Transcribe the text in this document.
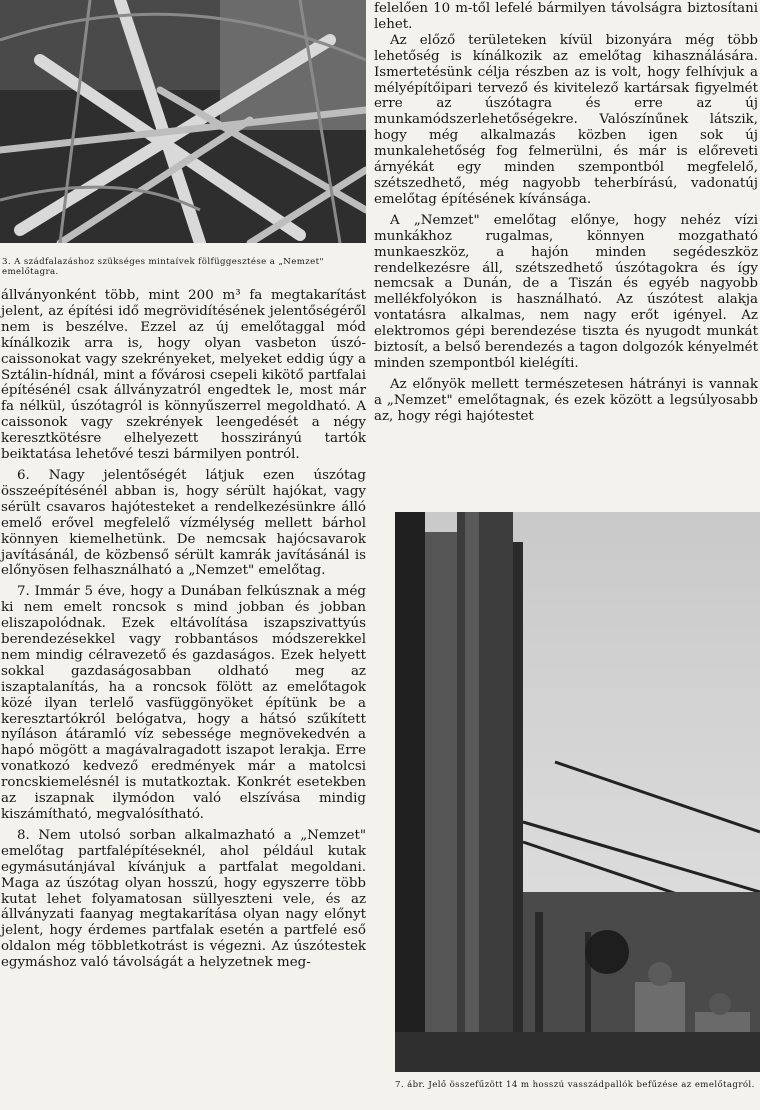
3. A szádfalazáshoz szükséges mintaívek fölfüggesztése a „Nemzet" emelőtagra.

állványonként több, mint 200 m³ fa megtakarítást jelent, az építési idő megrövidítésének jelentőségéről nem is beszélve. Ezzel az új emelőtaggal mód kínálkozik arra is, hogy olyan vasbeton úszó-caissonokat vagy szekrényeket, melyeket eddig úgy a Sztálin-hídnál, mint a fővárosi csepeli kikötő partfalai építésénél csak állványzatról engedtek le, most már fa nélkül, úszótagról is könnyűszerrel megoldható. A caissonok vagy szekrények leengedését a négy keresztkötésre elhelyezett hosszirányú tartók beiktatása lehetővé teszi bármilyen pontról.

6. Nagy jelentőségét látjuk ezen úszótag összeépítésénél abban is, hogy sérült hajókat, vagy sérült csavaros hajótesteket a rendelkezésünkre álló emelő erővel megfelelő vízmélység mellett bárhol könnyen kiemelhetünk. De nemcsak hajócsavarok javításánál, de közbenső sérült kamrák javításánál is előnyösen felhasználható a „Nemzet" emelőtag.

7. Immár 5 éve, hogy a Dunában felkúsznak a még ki nem emelt roncsok s mind jobban és jobban eliszapolódnak. Ezek eltávolítása iszapszivattyús berendezésekkel vagy robbantásos módszerekkel nem mindig célravezető és gazdaságos. Ezek helyett sokkal gazdaságosabban oldható meg az iszaptalanítás, ha a roncsok fölött az emelőtagok közé ilyan terlelő vasfüggönyöket építünk be a keresztartókról belógatva, hogy a hátsó szűkített nyíláson átáramló víz sebessége megnövekedvén a hapó mögött a magávalragadott iszapot lerakja. Erre vonatkozó kedvező eredmények már a matolcsi roncskiemelésnél is mutatkoztak. Konkrét esetekben az iszapnak ilymódon való elszívása mindig kiszámítható, megvalósítható.

8. Nem utolsó sorban alkalmazható a „Nemzet" emelőtag partfalépítéseknél, ahol például kutak egymásutánjával kívánjuk a partfalat megoldani. Maga az úszótag olyan hosszú, hogy egyszerre több kutat lehet folyamatosan süllyeszteni vele, és az állványzati faanyag megtakarítása olyan nagy előnyt jelent, hogy érdemes partfalak esetén a partfelé eső oldalon még többletkotrást is végezni. Az úszótestek egymáshoz való távolságát a helyzetnek meg-

felelően 10 m-től lefelé bármilyen távolságra biztosítani lehet.

Az előző területeken kívül bizonyára még több lehetőség is kínálkozik az emelőtag kihasználására. Ismertetésünk célja részben az is volt, hogy felhívjuk a mélyépítőipari tervező és kivitelező kartársak figyelmét erre az úszótagra és erre az új munkamódszerlehetőségekre. Valószínűnek látszik, hogy még alkalmazás közben igen sok új munkalehetőség fog felmerülni, és már is előreveti árnyékát egy minden szempontból megfelelő, szétszedhető, még nagyobb teherbírású, vadonatúj emelőtag építésének kívánsága.

A „Nemzet" emelőtag előnye, hogy nehéz vízi munkákhoz rugalmas, könnyen mozgatható munkaeszköz, a hajón minden segédeszköz rendelkezésre áll, szétszedhető úszótagokra és így nemcsak a Dunán, de a Tiszán és egyéb nagyobb mellékfolyókon is használható. Az úszótest alakja vontatásra alkalmas, nem nagy erőt igényel. Az elektromos gépi berendezése tiszta és nyugodt munkát biztosít, a belső berendezés a tagon dolgozók kényelmét minden szempontból kielégíti.

Az előnyök mellett természetesen hátrányi is vannak a „Nemzet" emelőtagnak, és ezek között a legsúlyosabb az, hogy régi hajótestet

7. ábr. Jelő összefűzött 14 m hosszú vasszádpallók befűzése az emelőtagról.
